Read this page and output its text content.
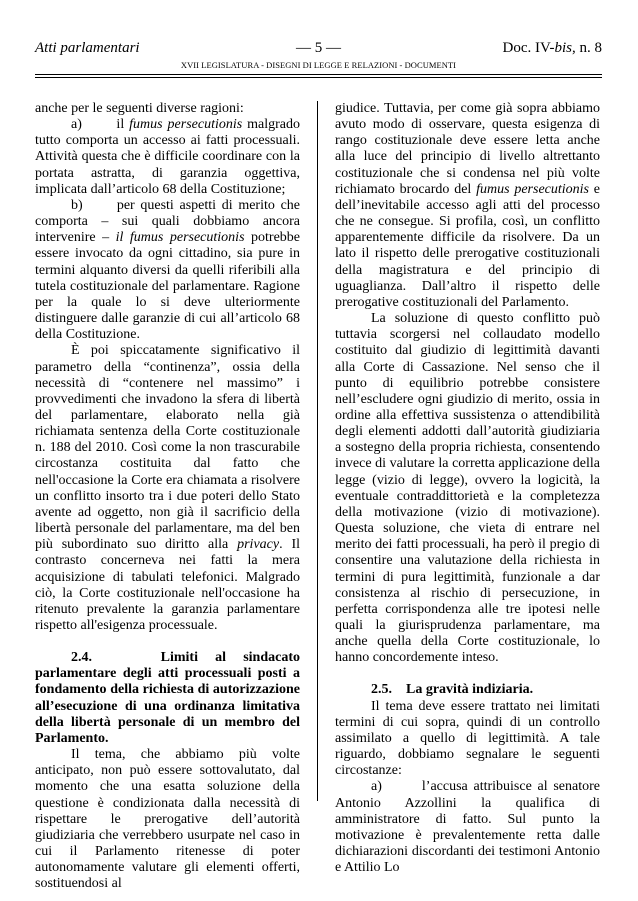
Atti parlamentari	— 5 —	Doc. IV-bis, n. 8
XVII LEGISLATURA - DISEGNI DI LEGGE E RELAZIONI - DOCUMENTI

anche per le seguenti diverse ragioni:

a)       il fumus persecutionis malgrado tutto comporta un accesso ai fatti processuali. Attività questa che è difficile coordinare con la portata astratta, di garanzia oggettiva, implicata dall’articolo 68 della Costituzione;

b)      per questi aspetti di merito che comporta – sui quali dobbiamo ancora intervenire – il fumus persecutionis potrebbe essere invocato da ogni cittadino, sia pure in termini alquanto diversi da quelli riferibili alla tutela costituzionale del parlamentare. Ragione per la quale lo si deve ulteriormente distinguere dalle garanzie di cui all’articolo 68 della Costituzione.

È poi spiccatamente significativo il parametro della “continenza”, ossia della necessità di “contenere nel massimo” i provvedimenti che invadono la sfera di libertà del parlamentare, elaborato nella già richiamata sentenza della Corte costituzionale n. 188 del 2010. Così come la non trascurabile circostanza costituita dal fatto che nell'occasione la Corte era chiamata a risolvere un conflitto insorto tra i due poteri dello Stato avente ad oggetto, non già il sacrificio della libertà personale del parlamentare, ma del ben più subordinato suo diritto alla privacy. Il contrasto concerneva nei fatti la mera acquisizione di tabulati telefonici. Malgrado ciò, la Corte costituzionale nell'occasione ha ritenuto prevalente la garanzia parlamentare rispetto all'esigenza processuale.

2.4.    Limiti al sindacato parlamentare degli atti processuali posti a fondamento della richiesta di autorizzazione all’esecuzione di una ordinanza limitativa della libertà personale di un membro del Parlamento.

Il tema, che abbiamo più volte anticipato, non può essere sottovalutato, dal momento che una esatta soluzione della questione è condizionata dalla necessità di rispettare le prerogative dell’autorità giudiziaria che verrebbero usurpate nel caso in cui il Parlamento ritenesse di poter autonomamente valutare gli elementi offerti, sostituendosi al

giudice. Tuttavia, per come già sopra abbiamo avuto modo di osservare, questa esigenza di rango costituzionale deve essere letta anche alla luce del principio di livello altrettanto costituzionale che si condensa nel più volte richiamato brocardo del fumus persecutionis e dell’inevitabile accesso agli atti del processo che ne consegue. Si profila, così, un conflitto apparentemente difficile da risolvere. Da un lato il rispetto delle prerogative costituzionali della magistratura e del principio di uguaglianza. Dall’altro il rispetto delle prerogative costituzionali del Parlamento.

La soluzione di questo conflitto può tuttavia scorgersi nel collaudato modello costituito dal giudizio di legittimità davanti alla Corte di Cassazione. Nel senso che il punto di equilibrio potrebbe consistere nell’escludere ogni giudizio di merito, ossia in ordine alla effettiva sussistenza o attendibilità degli elementi addotti dall’autorità giudiziaria a sostegno della propria richiesta, consentendo invece di valutare la corretta applicazione della legge (vizio di legge), ovvero la logicità, la eventuale contraddittorietà e la completezza della motivazione (vizio di motivazione). Questa soluzione, che vieta di entrare nel merito dei fatti processuali, ha però il pregio di consentire una valutazione della richiesta in termini di pura legittimità, funzionale a dar consistenza al rischio di persecuzione, in perfetta corrispondenza alle tre ipotesi nelle quali la giurisprudenza parlamentare, ma anche quella della Corte costituzionale, lo hanno concordemente inteso.

2.5.    La gravità indiziaria.

Il tema deve essere trattato nei limitati termini di cui sopra, quindi di un controllo assimilato a quello di legittimità. A tale riguardo, dobbiamo segnalare le seguenti circostanze:

a)       l’accusa attribuisce al senatore Antonio Azzollini la qualifica di amministratore di fatto. Sul punto la motivazione è prevalentemente retta dalle dichiarazioni discordanti dei testimoni Antonio e Attilio Lo
